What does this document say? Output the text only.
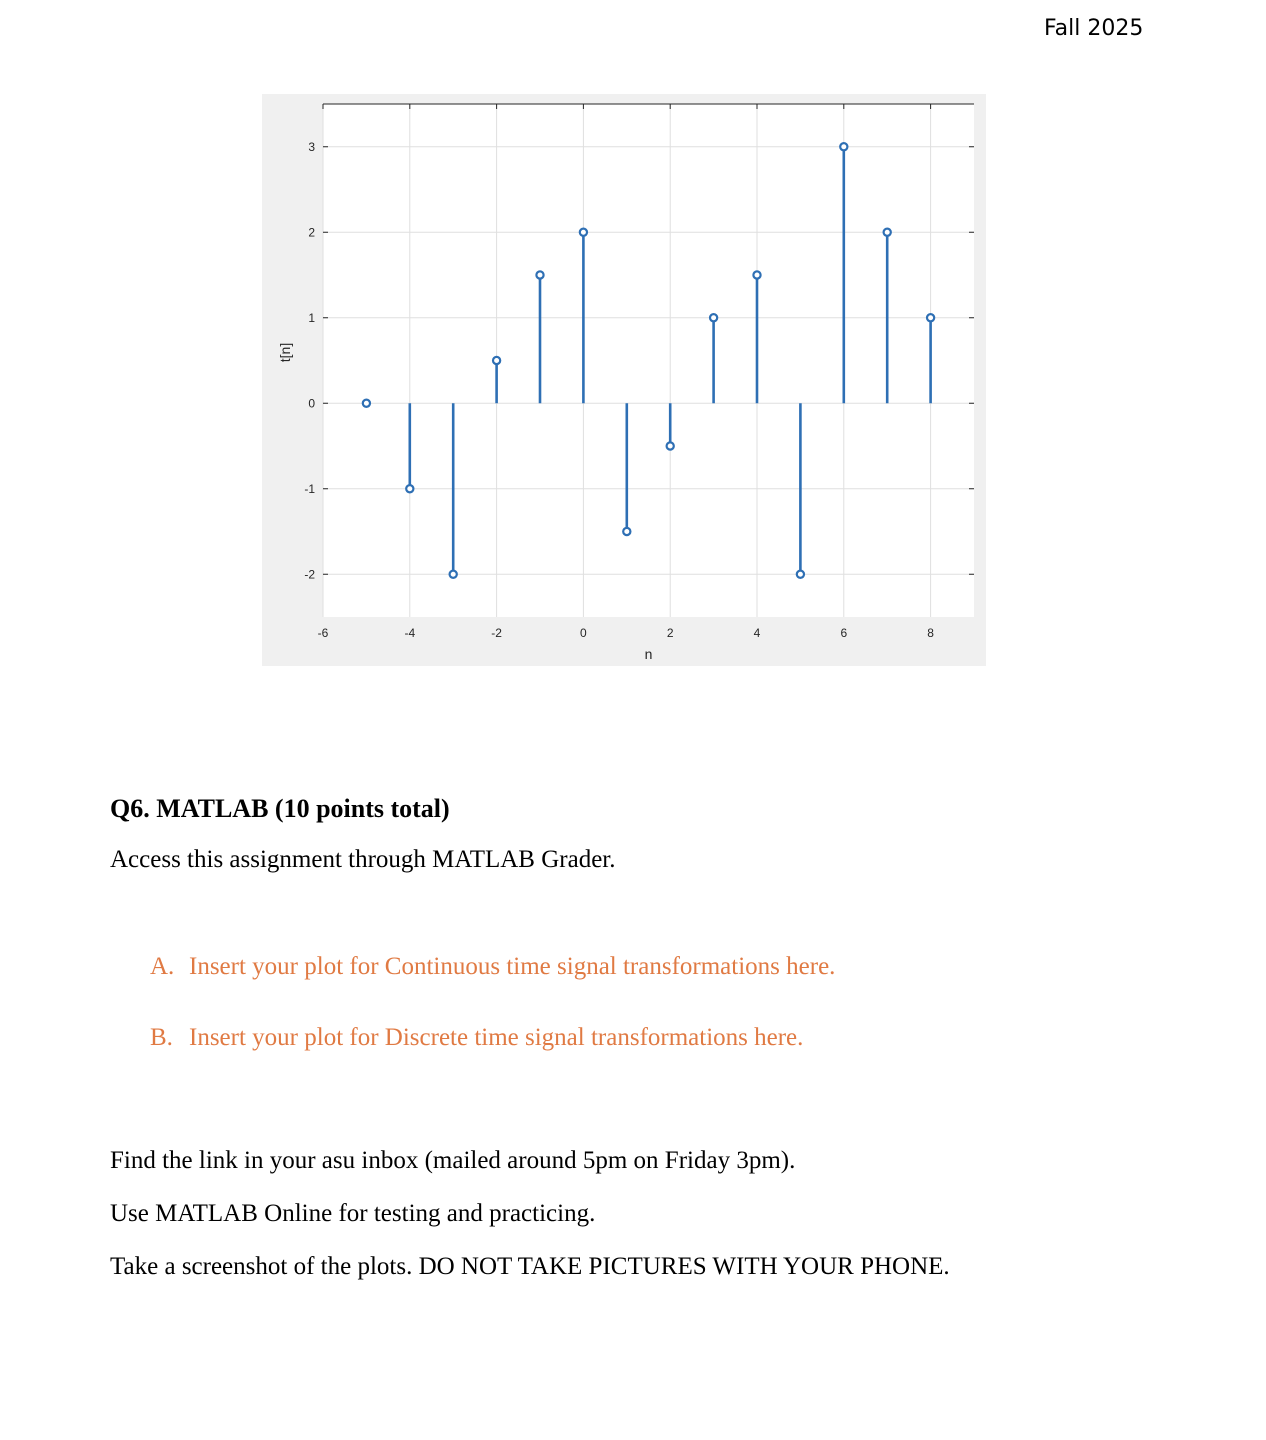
Fall 2025
-6	-4	-2	0	2	4	6	8
-2
-1
0
1
2
3
n
t[n]
Q6. MATLAB (10 points total)
Access this assignment through MATLAB Grader.
A. Insert your plot for Continuous time signal transformations here.
B. Insert your plot for Discrete time signal transformations here.
Find the link in your asu inbox (mailed around 5pm on Friday 3pm).
Use MATLAB Online for testing and practicing.
Take a screenshot of the plots. DO NOT TAKE PICTURES WITH YOUR PHONE.
